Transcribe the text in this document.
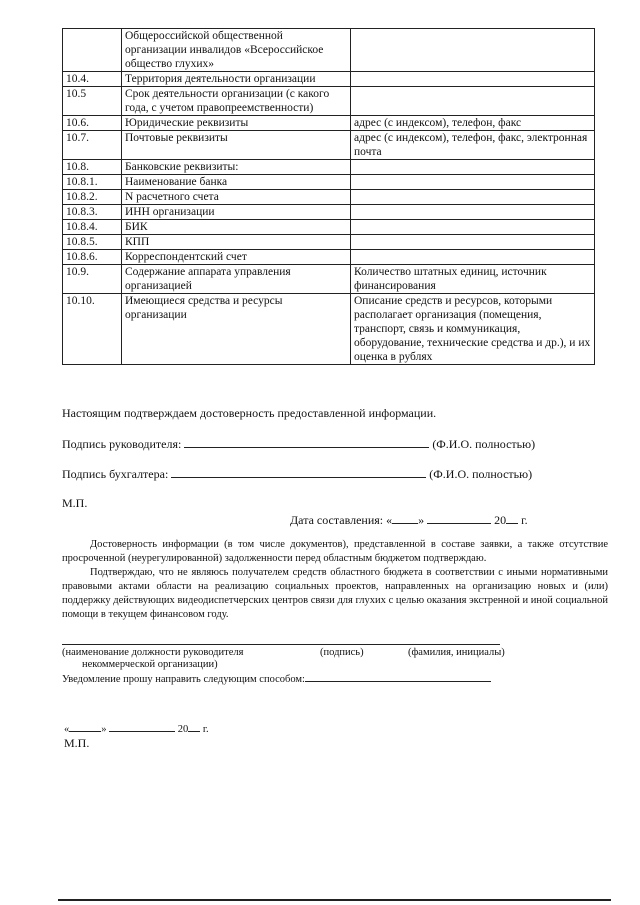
	Общероссийской общественной организации инвалидов «Всероссийское общество глухих»	
10.4.	Территория деятельности организации	
10.5	Срок деятельности организации (с какого года, с учетом правопреемственности)	
10.6.	Юридические реквизиты	адрес (с индексом), телефон, факс
10.7.	Почтовые реквизиты	адрес (с индексом), телефон, факс, электронная почта
10.8.	Банковские реквизиты:	
10.8.1.	Наименование банка	
10.8.2.	N расчетного счета	
10.8.3.	ИНН организации	
10.8.4.	БИК	
10.8.5.	КПП	
10.8.6.	Корреспондентский счет	
10.9.	Содержание аппарата управления организацией	Количество штатных единиц, источник финансирования
10.10.	Имеющиеся средства и ресурсы организации	Описание средств и ресурсов, которыми располагает организация (помещения, транспорт, связь и коммуникация, оборудование, технические средства и др.), и их оценка в рублях
Настоящим подтверждаем достоверность предоставленной информации.
Подпись руководителя:	(Ф.И.О. полностью)
Подпись бухгалтера:	(Ф.И.О. полностью)
М.П.
Дата составления: « »	20 г.
Достоверность информации (в том числе документов), представленной в составе заявки, а также отсутствие просроченной (неурегулированной) задолженности перед областным бюджетом подтверждаю.
Подтверждаю, что не являюсь получателем средств областного бюджета в соответствии с иными нормативными правовыми актами области на реализацию социальных проектов, направленных на организацию новых и (или) поддержку действующих видеодиспетчерских центров связи для глухих с целью оказания экстренной и иной социальной помощи в текущем финансовом году.
(наименование должности руководителя	(подпись)	(фамилия, инициалы)
некоммерческой организации)
Уведомление прошу направить следующим способом:
«	»	20 г.
М.П.
